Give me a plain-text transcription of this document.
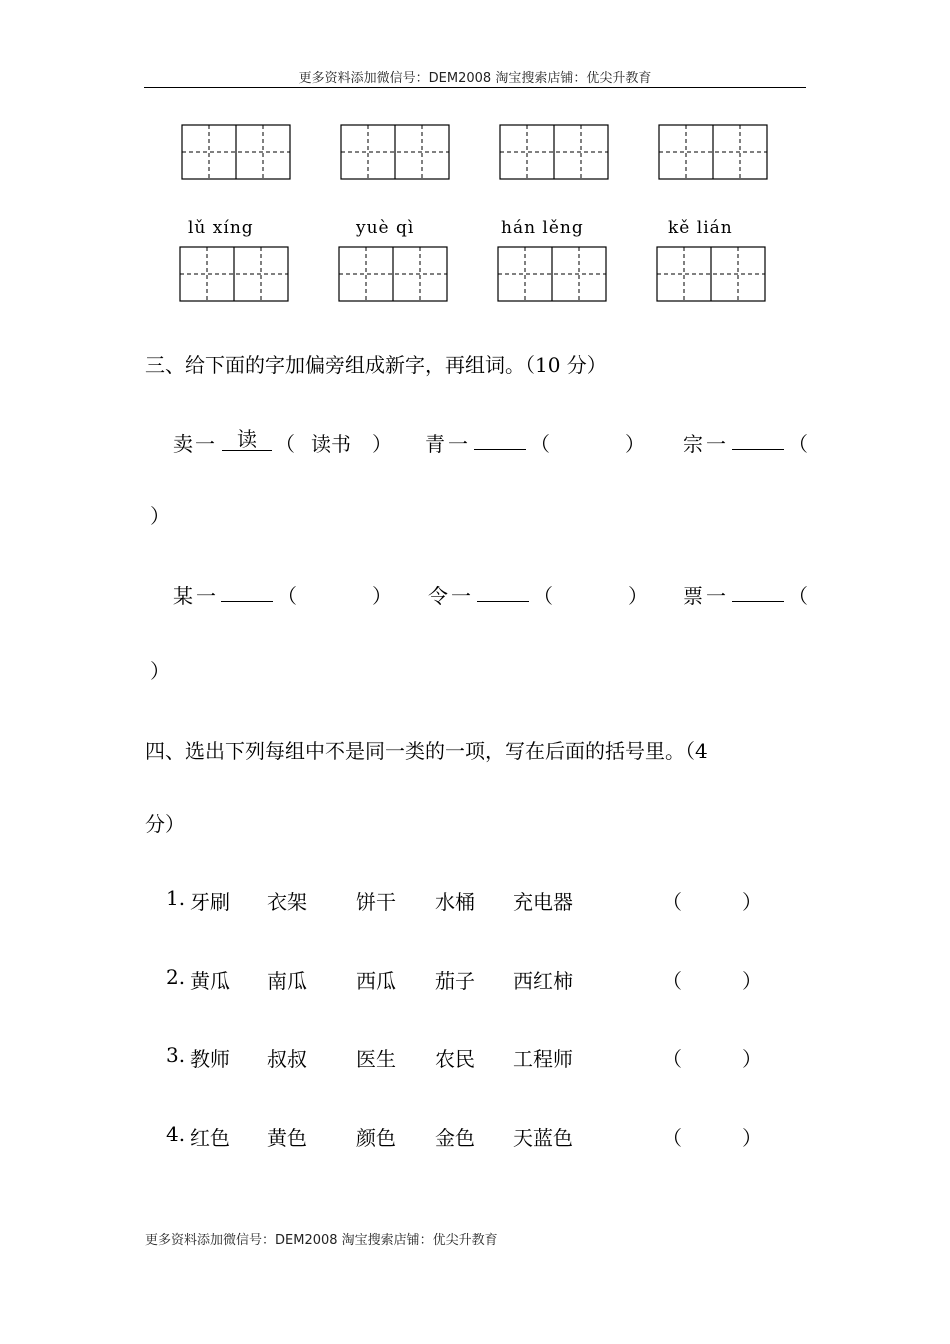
更多资料添加微信号：DEM2008 淘宝搜索店铺：优尖升教育
lǔ xíng	yuè qì	hán lěng	kě lián
三、给下面的字加偏旁组成新字，再组词。（10 分）
卖 一	读 （ 读书 ） 青 一	（	） 宗 一	（
）
某 一	（	） 令 一	（	） 票 一	（
）
四、选出下列每组中不是同一类的一项，写在后面的括号里。（4
分）
1. 牙刷 衣架 饼干 水桶 充电器	（	）
2. 黄瓜 南瓜 西瓜 茄子 西红柿	（	）
3. 教师 叔叔 医生 农民 工程师	（	）
4. 红色 黄色 颜色 金色 天蓝色	（	）
更多资料添加微信号：DEM2008 淘宝搜索店铺：优尖升教育
